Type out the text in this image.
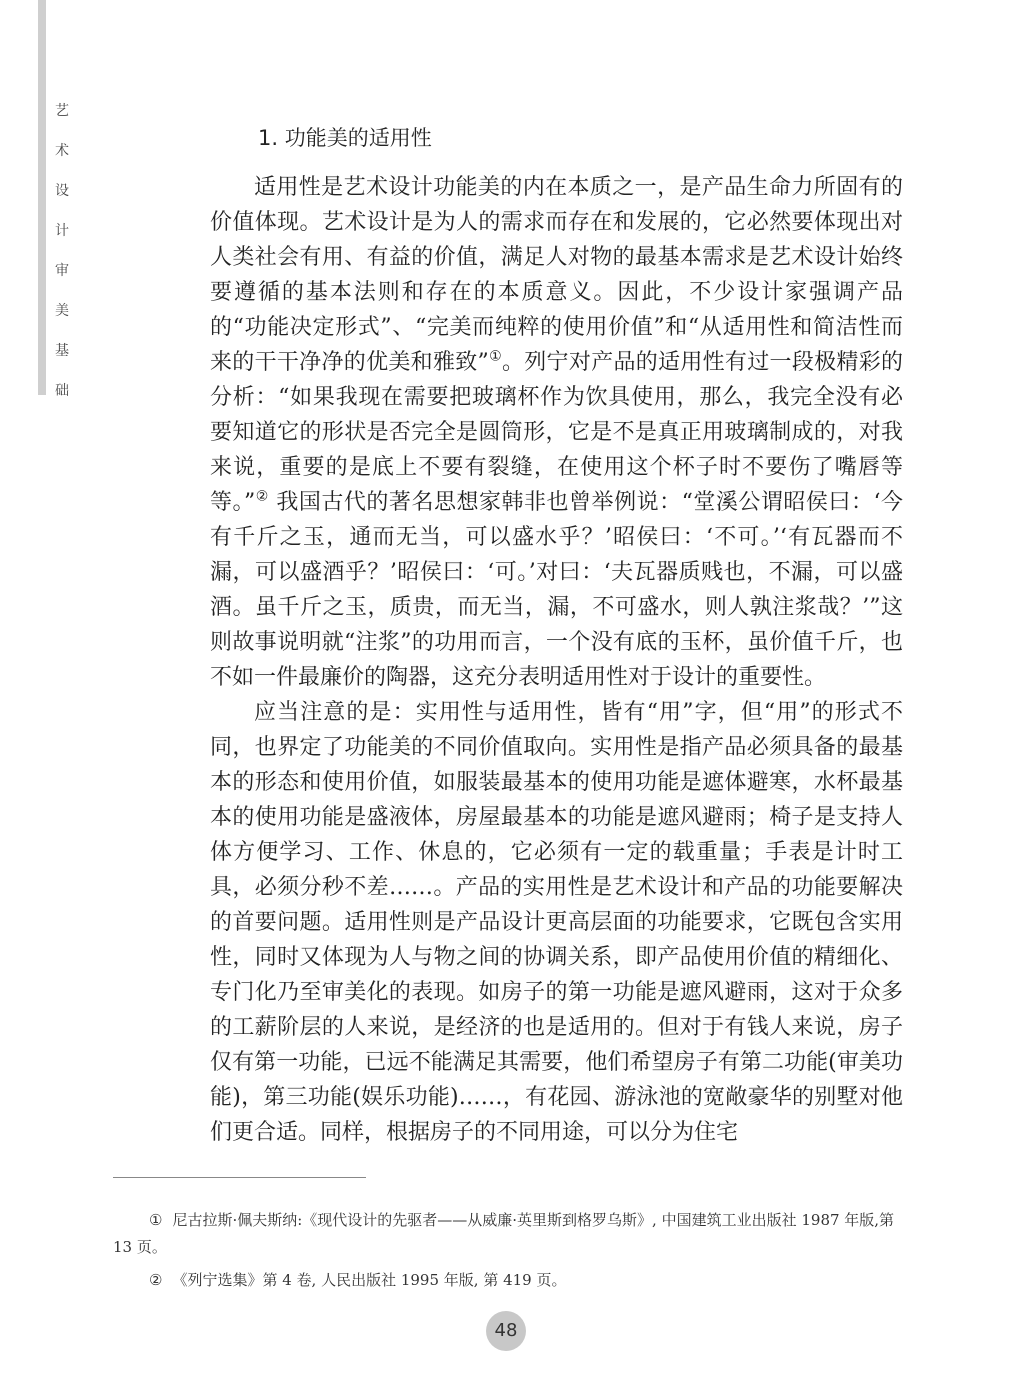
艺
术
设
计
审
美
基
础
1. 功能美的适用性

适用性是艺术设计功能美的内在本质之一，是产品生命力所固有的价值体现。艺术设计是为人的需求而存在和发展的，它必然要体现出对人类社会有用、有益的价值，满足人对物的最基本需求是艺术设计始终要遵循的基本法则和存在的本质意义。因此，不少设计家强调产品的“功能决定形式”、“完美而纯粹的使用价值”和“从适用性和简洁性而来的干干净净的优美和雅致”①。列宁对产品的适用性有过一段极精彩的分析：“如果我现在需要把玻璃杯作为饮具使用，那么，我完全没有必要知道它的形状是否完全是圆筒形，它是不是真正用玻璃制成的，对我来说，重要的是底上不要有裂缝，在使用这个杯子时不要伤了嘴唇等等。”② 我国古代的著名思想家韩非也曾举例说：“堂溪公谓昭侯曰：‘今有千斤之玉，通而无当，可以盛水乎？’昭侯曰：‘不可。’‘有瓦器而不漏，可以盛酒乎？’昭侯曰：‘可。’对曰：‘夫瓦器质贱也，不漏，可以盛酒。虽千斤之玉，质贵，而无当，漏，不可盛水，则人孰注浆哉？’”这则故事说明就“注浆”的功用而言，一个没有底的玉杯，虽价值千斤，也不如一件最廉价的陶器，这充分表明适用性对于设计的重要性。

应当注意的是：实用性与适用性，皆有“用”字，但“用”的形式不同，也界定了功能美的不同价值取向。实用性是指产品必须具备的最基本的形态和使用价值，如服装最基本的使用功能是遮体避寒，水杯最基本的使用功能是盛液体，房屋最基本的功能是遮风避雨；椅子是支持人体方便学习、工作、休息的，它必须有一定的载重量；手表是计时工具，必须分秒不差……。产品的实用性是艺术设计和产品的功能要解决的首要问题。适用性则是产品设计更高层面的功能要求，它既包含实用性，同时又体现为人与物之间的协调关系，即产品使用价值的精细化、专门化乃至审美化的表现。如房子的第一功能是遮风避雨，这对于众多的工薪阶层的人来说，是经济的也是适用的。但对于有钱人来说，房子仅有第一功能，已远不能满足其需要，他们希望房子有第二功能(审美功能)，第三功能(娱乐功能)……，有花园、游泳池的宽敞豪华的别墅对他们更合适。同样，根据房子的不同用途，可以分为住宅

① 尼古拉斯·佩夫斯纳:《现代设计的先驱者——从威廉·英里斯到格罗乌斯》, 中国建筑工业出版社 1987 年版,第 13 页。

② 《列宁选集》第 4 卷, 人民出版社 1995 年版, 第 419 页。

48
